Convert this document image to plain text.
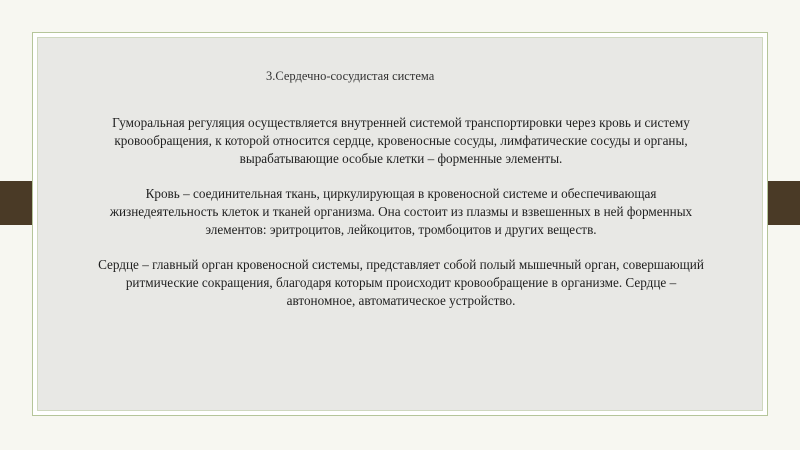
3.Сердечно-сосудистая система
Гуморальная регуляция осуществляется внутренней системой транспортировки через кровь и систему
кровообращения, к которой относится сердце, кровеносные сосуды, лимфатические сосуды и органы,
вырабатывающие особые клетки – форменные элементы.
Кровь – соединительная ткань, циркулирующая в кровеносной системе и обеспечивающая
жизнедеятельность клеток и тканей организма. Она состоит из плазмы и взвешенных в ней форменных
элементов: эритроцитов, лейкоцитов, тромбоцитов и других веществ.
Сердце – главный орган кровеносной системы, представляет собой полый мышечный орган, совершающий
ритмические сокращения, благодаря которым происходит кровообращение в организме. Сердце –
автономное, автоматическое устройство.
